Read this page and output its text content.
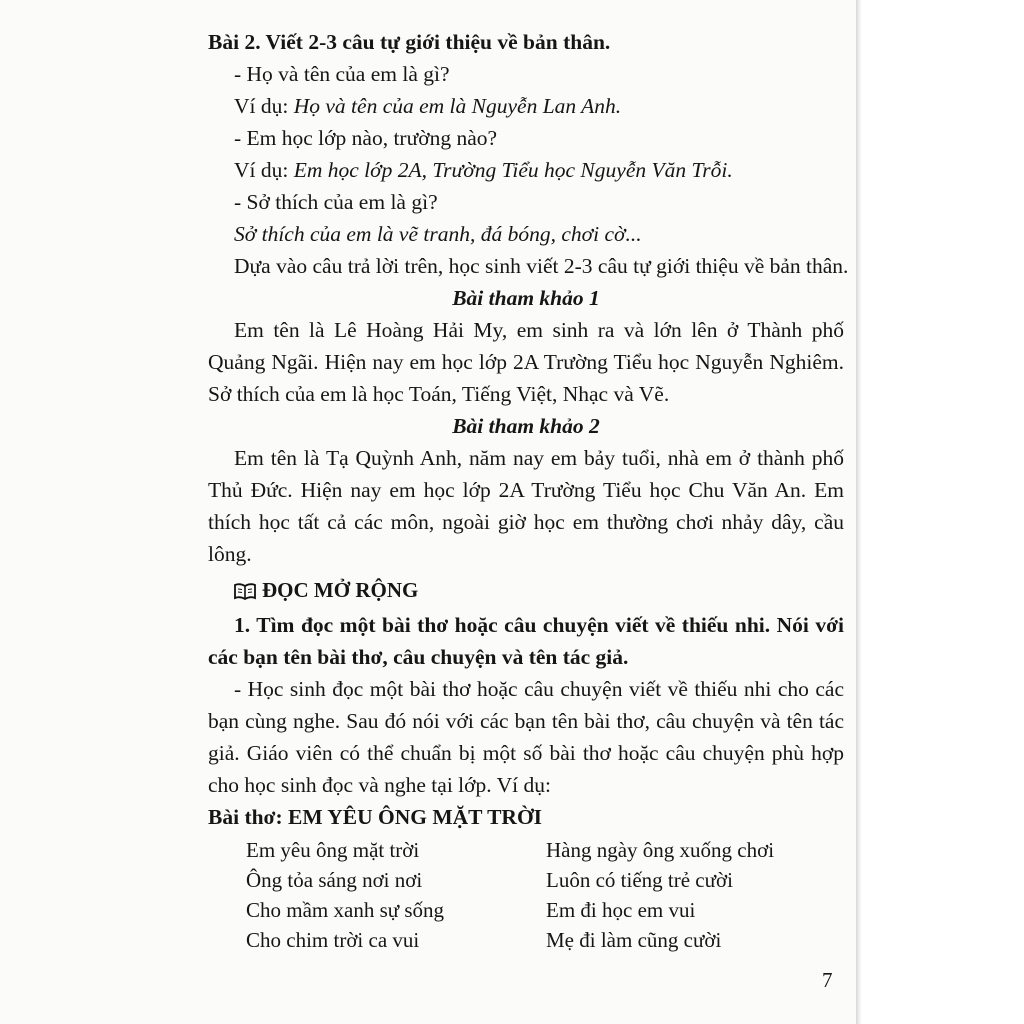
Bài 2. Viết 2-3 câu tự giới thiệu về bản thân.

- Họ và tên của em là gì?

Ví dụ: Họ và tên của em là Nguyễn Lan Anh.

- Em học lớp nào, trường nào?

Ví dụ: Em học lớp 2A, Trường Tiểu học Nguyễn Văn Trỗi.

- Sở thích của em là gì?

Sở thích của em là vẽ tranh, đá bóng, chơi cờ...

Dựa vào câu trả lời trên, học sinh viết 2-3 câu tự giới thiệu về bản thân.

Bài tham khảo 1

Em tên là Lê Hoàng Hải My, em sinh ra và lớn lên ở Thành phố Quảng Ngãi. Hiện nay em học lớp 2A Trường Tiểu học Nguyễn Nghiêm. Sở thích của em là học Toán, Tiếng Việt, Nhạc và Vẽ.

Bài tham khảo 2

Em tên là Tạ Quỳnh Anh, năm nay em bảy tuổi, nhà em ở thành phố Thủ Đức. Hiện nay em học lớp 2A Trường Tiểu học Chu Văn An. Em thích học tất cả các môn, ngoài giờ học em thường chơi nhảy dây, cầu lông.

ĐỌC MỞ RỘNG

1. Tìm đọc một bài thơ hoặc câu chuyện viết về thiếu nhi. Nói với các bạn tên bài thơ, câu chuyện và tên tác giả.

- Học sinh đọc một bài thơ hoặc câu chuyện viết về thiếu nhi cho các bạn cùng nghe. Sau đó nói với các bạn tên bài thơ, câu chuyện và tên tác giả. Giáo viên có thể chuẩn bị một số bài thơ hoặc câu chuyện phù hợp cho học sinh đọc và nghe tại lớp. Ví dụ:

Bài thơ: EM YÊU ÔNG MẶT TRỜI

Em yêu ông mặt trời	Hàng ngày ông xuống chơi
Ông tỏa sáng nơi nơi	Luôn có tiếng trẻ cười
Cho mầm xanh sự sống	Em đi học em vui
Cho chim trời ca vui	Mẹ đi làm cũng cười
7
